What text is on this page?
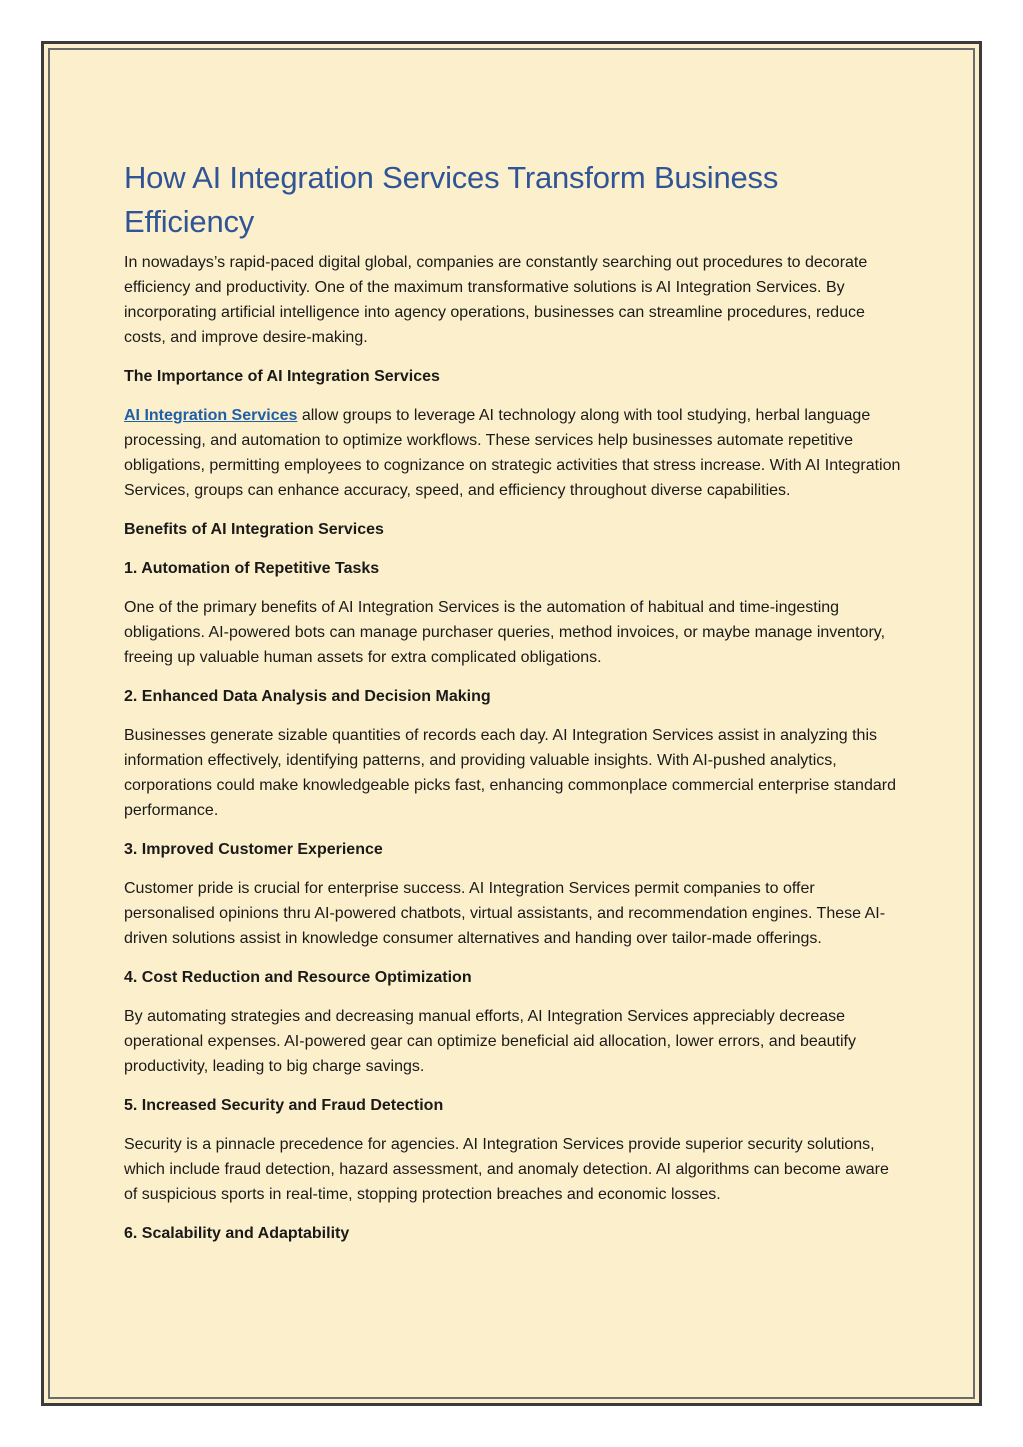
How AI Integration Services Transform Business Efficiency

In nowadays’s rapid-paced digital global, companies are constantly searching out procedures to decorate efficiency and productivity. One of the maximum transformative solutions is AI Integration Services. By incorporating artificial intelligence into agency operations, businesses can streamline procedures, reduce costs, and improve desire-making.

The Importance of AI Integration Services

AI Integration Services allow groups to leverage AI technology along with tool studying, herbal language processing, and automation to optimize workflows. These services help businesses automate repetitive obligations, permitting employees to cognizance on strategic activities that stress increase. With AI Integration Services, groups can enhance accuracy, speed, and efficiency throughout diverse capabilities.

Benefits of AI Integration Services

1. Automation of Repetitive Tasks

One of the primary benefits of AI Integration Services is the automation of habitual and time-ingesting obligations. AI-powered bots can manage purchaser queries, method invoices, or maybe manage inventory, freeing up valuable human assets for extra complicated obligations.

2. Enhanced Data Analysis and Decision Making

Businesses generate sizable quantities of records each day. AI Integration Services assist in analyzing this information effectively, identifying patterns, and providing valuable insights. With AI-pushed analytics, corporations could make knowledgeable picks fast, enhancing commonplace commercial enterprise standard performance.

3. Improved Customer Experience

Customer pride is crucial for enterprise success. AI Integration Services permit companies to offer personalised opinions thru AI-powered chatbots, virtual assistants, and recommendation engines. These AI-driven solutions assist in knowledge consumer alternatives and handing over tailor-made offerings.

4. Cost Reduction and Resource Optimization

By automating strategies and decreasing manual efforts, AI Integration Services appreciably decrease operational expenses. AI-powered gear can optimize beneficial aid allocation, lower errors, and beautify productivity, leading to big charge savings.

5. Increased Security and Fraud Detection

Security is a pinnacle precedence for agencies. AI Integration Services provide superior security solutions, which include fraud detection, hazard assessment, and anomaly detection. AI algorithms can become aware of suspicious sports in real-time, stopping protection breaches and economic losses.

6. Scalability and Adaptability
